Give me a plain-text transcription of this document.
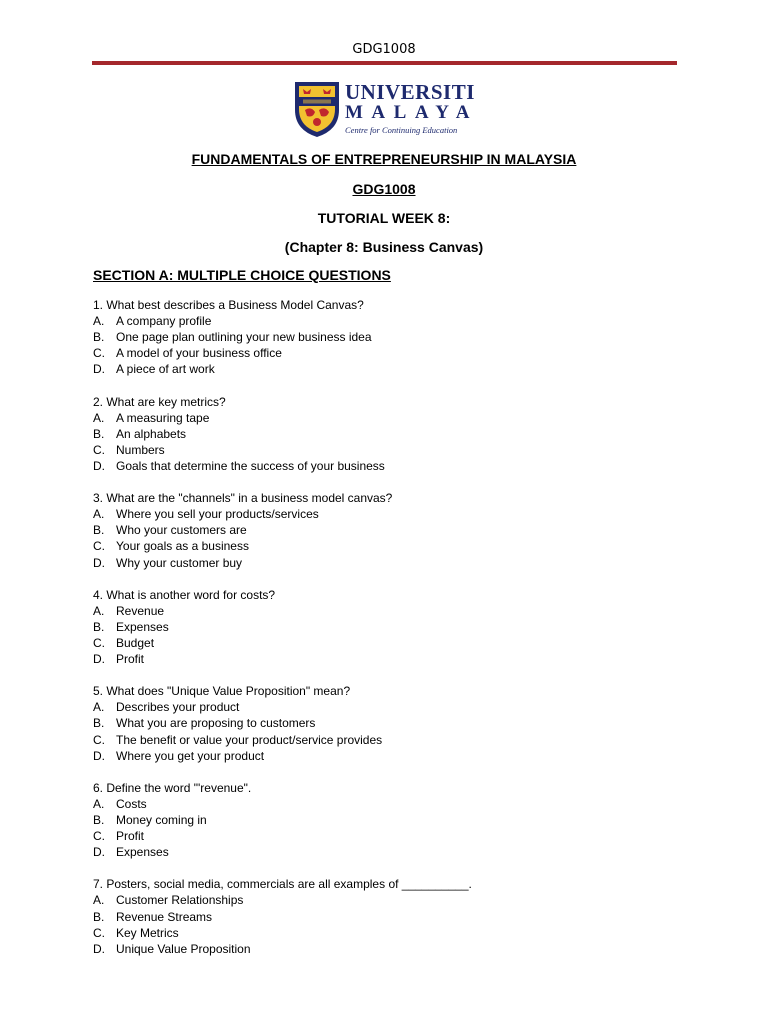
GDG1008
UNIVERSITI
MALAYA
Centre for Continuing Education
FUNDAMENTALS OF ENTREPRENEURSHIP IN MALAYSIA
GDG1008
TUTORIAL WEEK 8:
(Chapter 8: Business Canvas)
SECTION A: MULTIPLE CHOICE QUESTIONS
1. What best describes a Business Model Canvas?
A. A company profile
B. One page plan outlining your new business idea
C. A model of your business office
D. A piece of art work
2. What are key metrics?
A. A measuring tape
B. An alphabets
C. Numbers
D. Goals that determine the success of your business
3. What are the "channels" in a business model canvas?
A. Where you sell your products/services
B. Who your customers are
C. Your goals as a business
D. Why your customer buy
4. What is another word for costs?
A. Revenue
B. Expenses
C. Budget
D. Profit
5. What does "Unique Value Proposition" mean?
A. Describes your product
B. What you are proposing to customers
C. The benefit or value your product/service provides
D. Where you get your product
6. Define the word "'revenue".
A. Costs
B. Money coming in
C. Profit
D. Expenses
7. Posters, social media, commercials are all examples of __________.
A. Customer Relationships
B. Revenue Streams
C. Key Metrics
D. Unique Value Proposition
